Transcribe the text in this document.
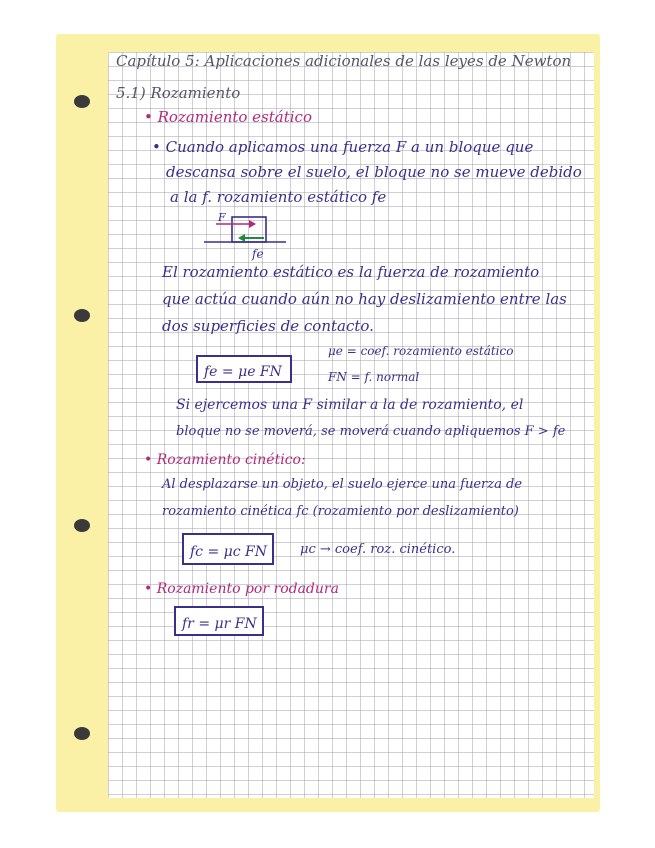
Capítulo 5: Aplicaciones adicionales de las leyes de Newton
5.1) Rozamiento
• Rozamiento estático
• Cuando aplicamos una fuerza F a un bloque que
descansa sobre el suelo, el bloque no se mueve debido
a la f. rozamiento estático fe
F
fe
El rozamiento estático es la fuerza de rozamiento
que actúa cuando aún no hay deslizamiento entre las
dos superficies de contacto.
fe = μe FN
μe = coef. rozamiento estático
FN = f. normal
Si ejercemos una F similar a la de rozamiento, el
bloque no se moverá, se moverá cuando apliquemos F > fe
• Rozamiento cinético:
Al desplazarse un objeto, el suelo ejerce una fuerza de
rozamiento cinética fc (rozamiento por deslizamiento)
fc = μc FN	μc → coef. roz. cinético.
• Rozamiento por rodadura
fr = μr FN
